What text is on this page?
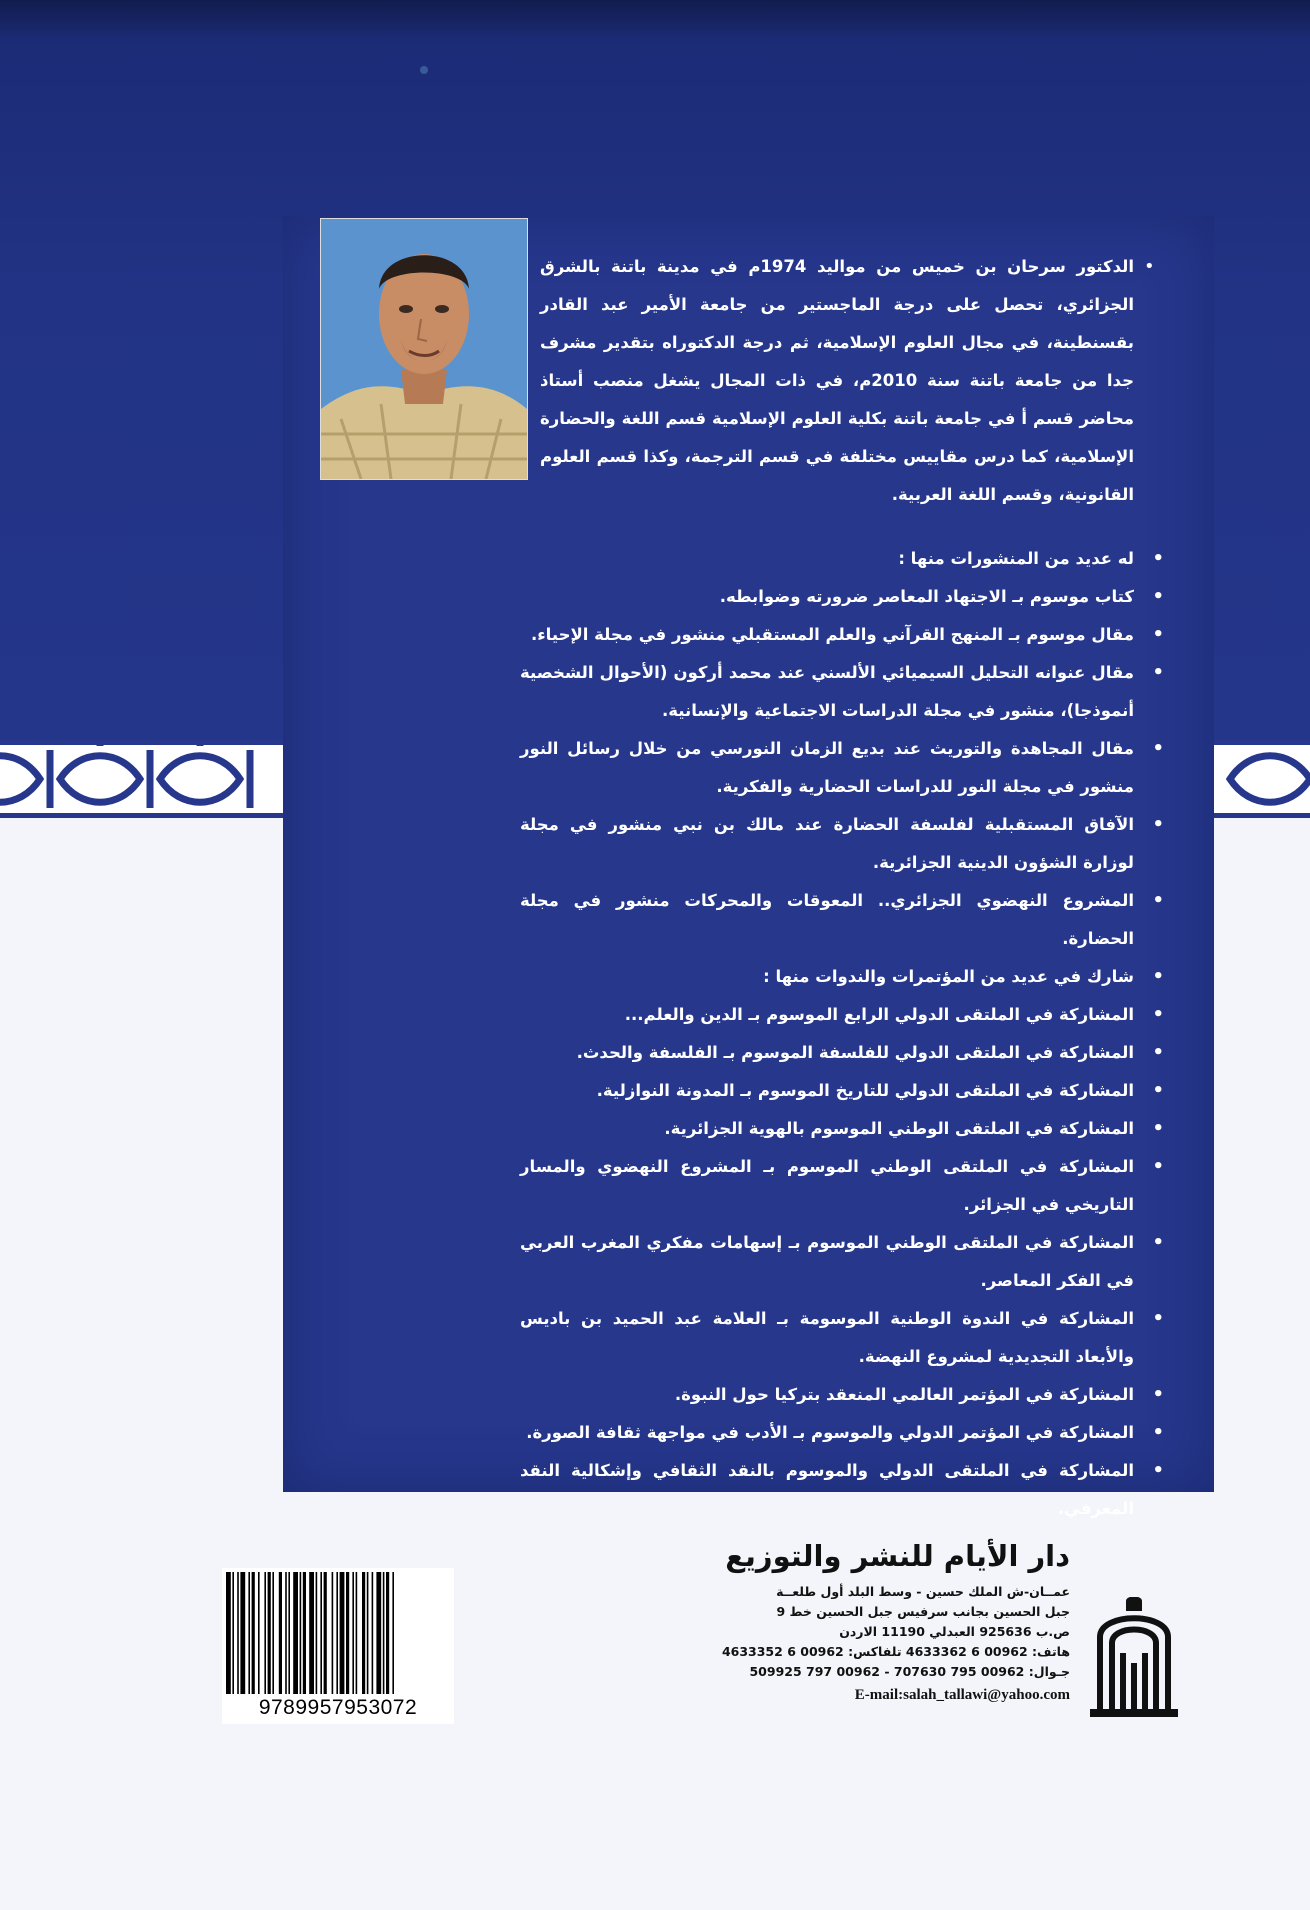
•

الدكتور سرحان بن خميس من مواليد 1974م في مدينة باتنة بالشرق الجزائري، تحصل على درجة الماجستير من جامعة الأمير عبد القادر بقسنطينة، في مجال العلوم الإسلامية، ثم درجة الدكتوراه بتقدير مشرف جدا من جامعة باتنة سنة 2010م، في ذات المجال يشغل منصب أستاذ محاضر قسم أ في جامعة باتنة بكلية العلوم الإسلامية قسم اللغة والحضارة الإسلامية، كما درس مقاييس مختلفة في قسم الترجمة، وكذا قسم العلوم القانونية، وقسم اللغة العربية.

• له عديد من المنشورات منها :
• كتاب موسوم بـ الاجتهاد المعاصر ضرورته وضوابطه.
• مقال موسوم بـ المنهج القرآني والعلم المستقبلي منشور في مجلة الإحياء.
• مقال عنوانه التحليل السيميائي الألسني عند محمد أركون (الأحوال الشخصية أنموذجا)، منشور في مجلة الدراسات الاجتماعية والإنسانية.
• مقال المجاهدة والتوريث عند بديع الزمان النورسي من خلال رسائل النور منشور في مجلة النور للدراسات الحضارية والفكرية.
• الآفاق المستقبلية لفلسفة الحضارة عند مالك بن نبي منشور في مجلة لوزارة الشؤون الدينية الجزائرية.
• المشروع النهضوي الجزائري.. المعوقات والمحركات منشور في مجلة الحضارة.
• شارك في عديد من المؤتمرات والندوات منها :
• المشاركة في الملتقى الدولي الرابع الموسوم بـ الدين والعلم...
• المشاركة في الملتقى الدولي للفلسفة الموسوم بـ الفلسفة والحدث.
• المشاركة في الملتقى الدولي للتاريخ الموسوم بـ المدونة النوازلية.
• المشاركة في الملتقى الوطني الموسوم بالهوية الجزائرية.
• المشاركة في الملتقى الوطني الموسوم بـ المشروع النهضوي والمسار التاريخي في الجزائر.
• المشاركة في الملتقى الوطني الموسوم بـ إسهامات مفكري المغرب العربي في الفكر المعاصر.
• المشاركة في الندوة الوطنية الموسومة بـ العلامة عبد الحميد بن باديس والأبعاد التجديدية لمشروع النهضة.
• المشاركة في المؤتمر العالمي المنعقد بتركيا حول النبوة.
• المشاركة في المؤتمر الدولي والموسوم بـ الأدب في مواجهة ثقافة الصورة.
• المشاركة في الملتقى الدولي والموسوم بالنقد الثقافي وإشكالية النقد المعرفي.
دار الأيام للنشر والتوزيع
عمــان-ش الملك حسين - وسط البلد أول طلعــة
جبل الحسين بجانب سرفيس جبل الحسين خط 9
ص.ب 925636 العبدلي 11190 الاردن
هاتف: 00962 6 4633362 تلفاكس: 00962 6 4633352
جـوال: 00962 795 707630 - 00962 797 509925
E-mail:salah_tallawi@yahoo.com
9789957953072
